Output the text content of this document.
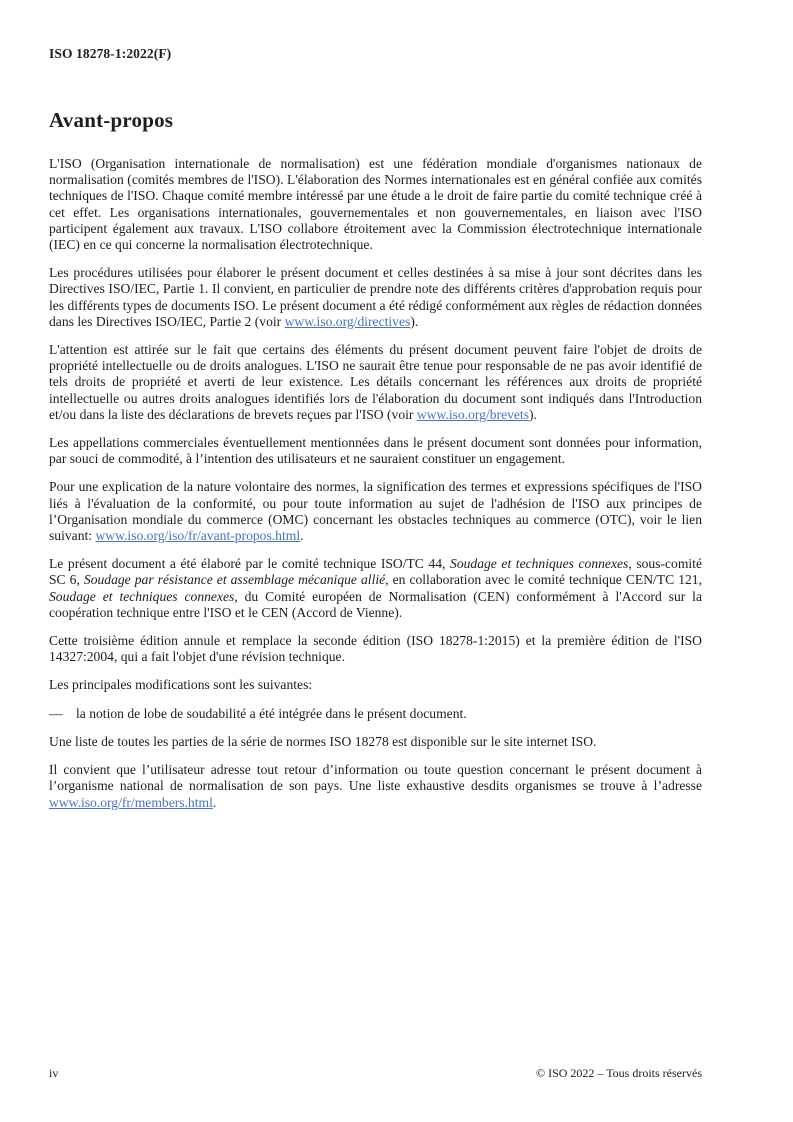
ISO 18278-1:2022(F)
Avant-propos

L'ISO (Organisation internationale de normalisation) est une fédération mondiale d'organismes nationaux de normalisation (comités membres de l'ISO). L'élaboration des Normes internationales est en général confiée aux comités techniques de l'ISO. Chaque comité membre intéressé par une étude a le droit de faire partie du comité technique créé à cet effet. Les organisations internationales, gouvernementales et non gouvernementales, en liaison avec l'ISO participent également aux travaux. L'ISO collabore étroitement avec la Commission électrotechnique internationale (IEC) en ce qui concerne la normalisation électrotechnique.

Les procédures utilisées pour élaborer le présent document et celles destinées à sa mise à jour sont décrites dans les Directives ISO/IEC, Partie 1. Il convient, en particulier de prendre note des différents critères d'approbation requis pour les différents types de documents ISO. Le présent document a été rédigé conformément aux règles de rédaction données dans les Directives ISO/IEC, Partie 2 (voir www.iso.org/directives).

L'attention est attirée sur le fait que certains des éléments du présent document peuvent faire l'objet de droits de propriété intellectuelle ou de droits analogues. L'ISO ne saurait être tenue pour responsable de ne pas avoir identifié de tels droits de propriété et averti de leur existence. Les détails concernant les références aux droits de propriété intellectuelle ou autres droits analogues identifiés lors de l'élaboration du document sont indiqués dans l'Introduction et/ou dans la liste des déclarations de brevets reçues par l'ISO (voir www.iso.org/brevets).

Les appellations commerciales éventuellement mentionnées dans le présent document sont données pour information, par souci de commodité, à l’intention des utilisateurs et ne sauraient constituer un engagement.

Pour une explication de la nature volontaire des normes, la signification des termes et expressions spécifiques de l'ISO liés à l'évaluation de la conformité, ou pour toute information au sujet de l'adhésion de l'ISO aux principes de l’Organisation mondiale du commerce (OMC) concernant les obstacles techniques au commerce (OTC), voir le lien suivant: www.iso.org/iso/fr/avant-propos.html.

Le présent document a été élaboré par le comité technique ISO/TC 44, Soudage et techniques connexes, sous-comité SC 6, Soudage par résistance et assemblage mécanique allié, en collaboration avec le comité technique CEN/TC 121, Soudage et techniques connexes, du Comité européen de Normalisation (CEN) conformément à l'Accord sur la coopération technique entre l'ISO et le CEN (Accord de Vienne).

Cette troisième édition annule et remplace la seconde édition (ISO 18278-1:2015) et la première édition de l'ISO 14327:2004, qui a fait l'objet d'une révision technique.

Les principales modifications sont les suivantes:

— la notion de lobe de soudabilité a été intégrée dans le présent document.

Une liste de toutes les parties de la série de normes ISO 18278 est disponible sur le site internet ISO.

Il convient que l’utilisateur adresse tout retour d’information ou toute question concernant le présent document à l’organisme national de normalisation de son pays. Une liste exhaustive desdits organismes se trouve à l’adresse www.iso.org/fr/members.html.

iv	© ISO 2022 – Tous droits réservés
